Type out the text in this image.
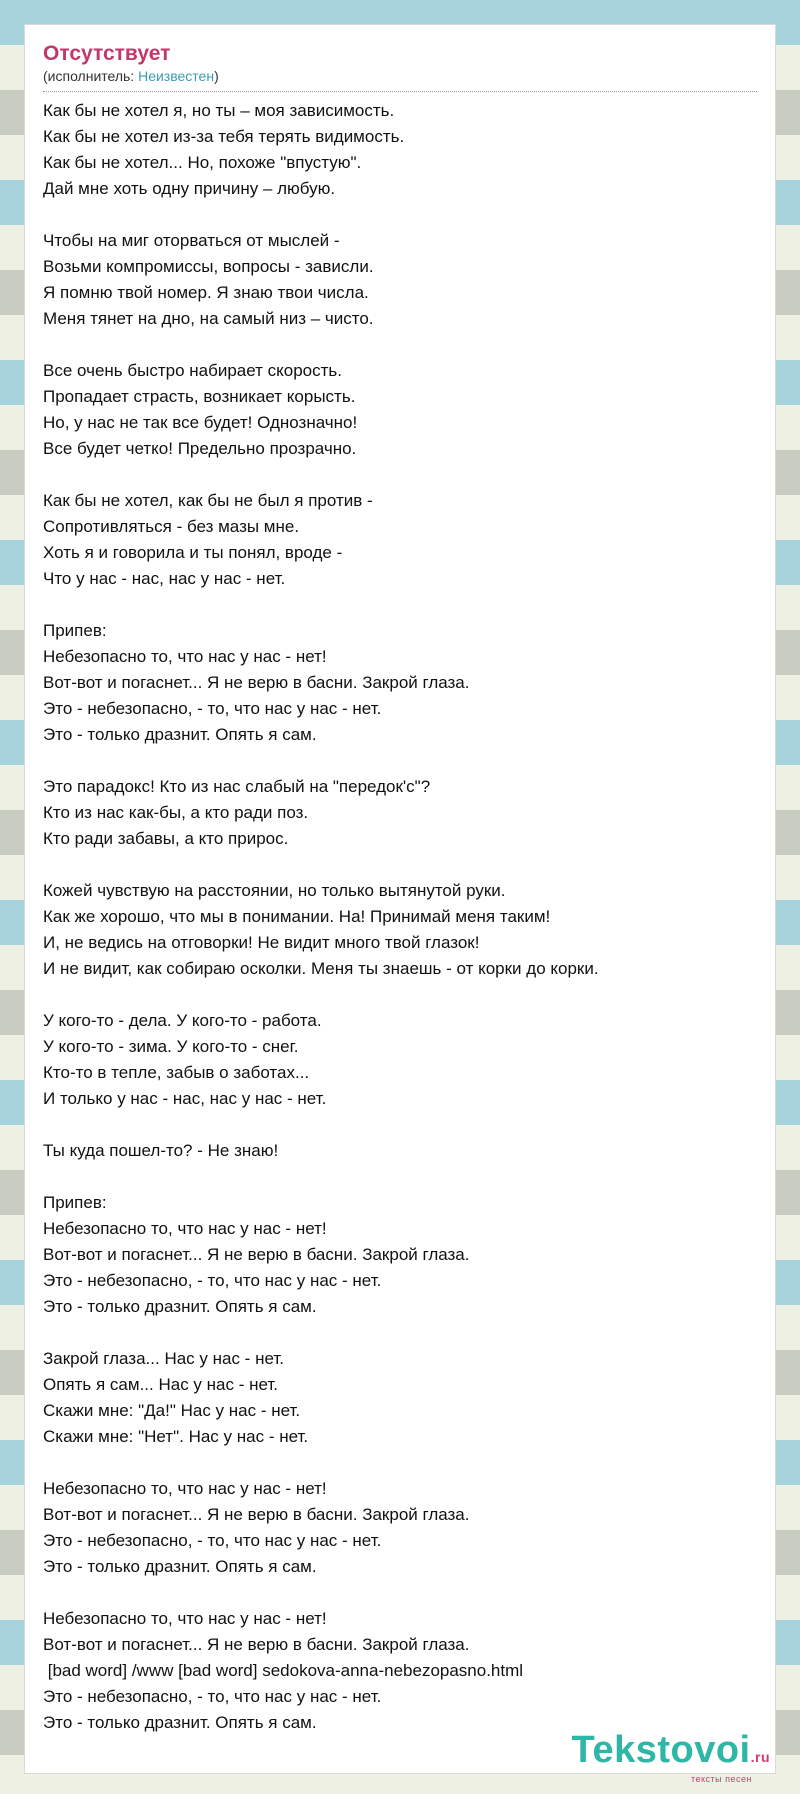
Отсутствует
(исполнитель: Неизвестен)
Как бы не хотел я, но ты – моя зависимость.
Как бы не хотел из-за тебя терять видимость.
Как бы не хотел... Но, похоже "впустую".
Дай мне хоть одну причину – любую.
Чтобы на миг оторваться от мыслей -
Возьми компромиссы, вопросы - зависли.
Я помню твой номер. Я знаю твои числа.
Меня тянет на дно, на самый низ – чисто.
Все очень быстро набирает скорость.
Пропадает страсть, возникает корысть.
Но, у нас не так все будет! Однозначно!
Все будет четко! Предельно прозрачно.
Как бы не хотел, как бы не был я против -
Сопротивляться - без мазы мне.
Хоть я и говорила и ты понял, вроде -
Что у нас - нас, нас у нас - нет.
Припев:
Небезопасно то, что нас у нас - нет!
Вот-вот и погаснет... Я не верю в басни. Закрой глаза.
Это - небезопасно, - то, что нас у нас - нет.
Это - только дразнит. Опять я сам.
Это парадокс! Кто из нас слабый на "передок'с"?
Кто из нас как-бы, а кто ради поз.
Кто ради забавы, а кто прирос.
Кожей чувствую на расстоянии, но только вытянутой руки.
Как же хорошо, что мы в понимании. На! Принимай меня таким!
И, не ведись на отговорки! Не видит много твой глазок!
И не видит, как собираю осколки. Меня ты знаешь - от корки до корки.
У кого-то - дела. У кого-то - работа.
У кого-то - зима. У кого-то - снег.
Кто-то в тепле, забыв о заботах...
И только у нас - нас, нас у нас - нет.
Ты куда пошел-то? - Не знаю!
Припев:
Небезопасно то, что нас у нас - нет!
Вот-вот и погаснет... Я не верю в басни. Закрой глаза.
Это - небезопасно, - то, что нас у нас - нет.
Это - только дразнит. Опять я сам.
Закрой глаза... Нас у нас - нет.
Опять я сам... Нас у нас - нет.
Скажи мне: "Да!" Нас у нас - нет.
Скажи мне: "Нет". Нас у нас - нет.
Небезопасно то, что нас у нас - нет!
Вот-вот и погаснет... Я не верю в басни. Закрой глаза.
Это - небезопасно, - то, что нас у нас - нет.
Это - только дразнит. Опять я сам.
Небезопасно то, что нас у нас - нет!
Вот-вот и погаснет... Я не верю в басни. Закрой глаза.
[bad word] /www [bad word] sedokova-anna-nebezopasno.html
Это - небезопасно, - то, что нас у нас - нет.
Это - только дразнит. Опять я сам.
Tekstovoi.ru
тексты песен
